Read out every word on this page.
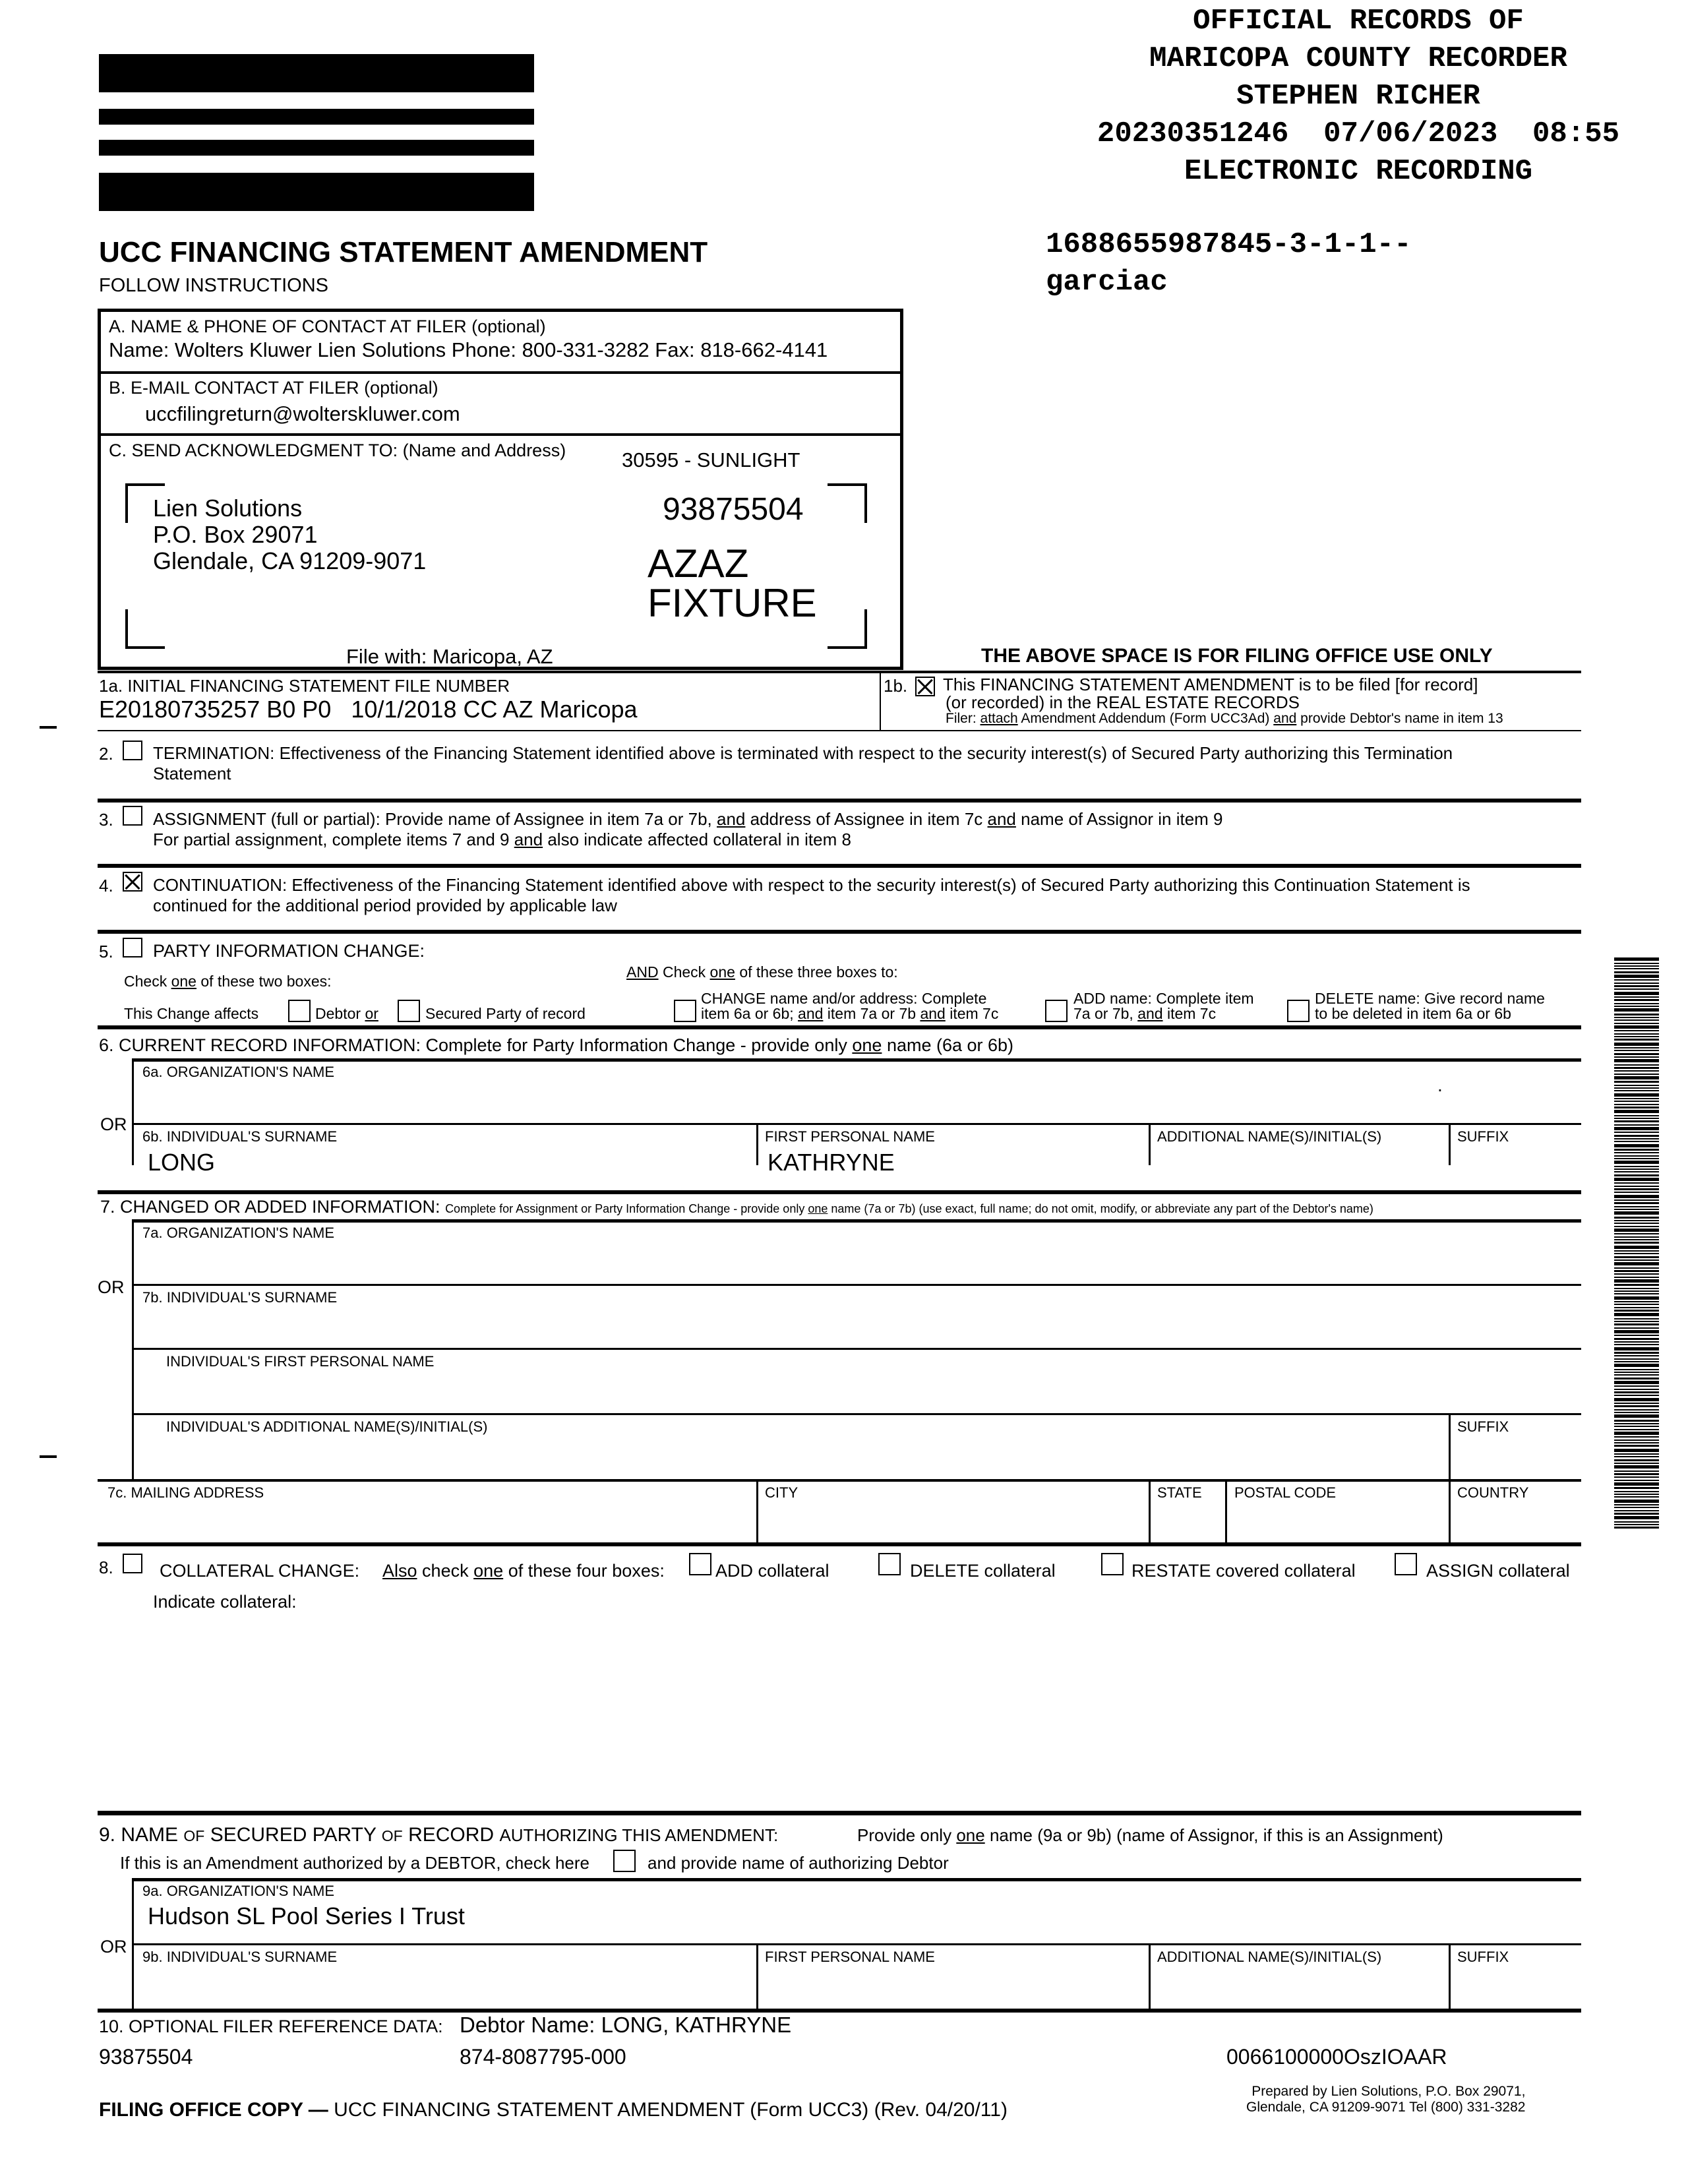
OFFICIAL RECORDS OF
MARICOPA COUNTY RECORDER
STEPHEN RICHER
20230351246  07/06/2023  08:55
ELECTRONIC RECORDING
1688655987845-3-1-1--
garciac
UCC FINANCING STATEMENT AMENDMENT
FOLLOW INSTRUCTIONS
A. NAME & PHONE OF CONTACT AT FILER (optional)
Name: Wolters Kluwer Lien Solutions Phone: 800-331-3282 Fax: 818-662-4141
B. E-MAIL CONTACT AT FILER (optional)
uccfilingreturn@wolterskluwer.com
C. SEND ACKNOWLEDGMENT TO: (Name and Address)	30595 - SUNLIGHT
Lien Solutions
P.O. Box 29071
Glendale, CA 91209-9071
93875504
AZAZ
FIXTURE
File with: Maricopa, AZ	THE ABOVE SPACE IS FOR FILING OFFICE USE ONLY
1a. INITIAL FINANCING STATEMENT FILE NUMBER
E20180735257 B0 P0   10/1/2018 CC AZ Maricopa
1b. This FINANCING STATEMENT AMENDMENT is to be filed [for record]
(or recorded) in the REAL ESTATE RECORDS
Filer: attach Amendment Addendum (Form UCC3Ad) and provide Debtor's name in item 13
2. TERMINATION: Effectiveness of the Financing Statement identified above is terminated with respect to the security interest(s) of Secured Party authorizing this Termination
Statement
3. ASSIGNMENT (full or partial): Provide name of Assignee in item 7a or 7b, and address of Assignee in item 7c and name of Assignor in item 9
For partial assignment, complete items 7 and 9 and also indicate affected collateral in item 8
4. CONTINUATION: Effectiveness of the Financing Statement identified above with respect to the security interest(s) of Secured Party authorizing this Continuation Statement is
continued for the additional period provided by applicable law
5. PARTY INFORMATION CHANGE:
Check one of these two boxes:
AND Check one of these three boxes to:
This Change affects	Debtor or	Secured Party of record
CHANGE name and/or address: Complete
item 6a or 6b; and item 7a or 7b and item 7c
ADD name: Complete item
7a or 7b, and item 7c
DELETE name: Give record name
to be deleted in item 6a or 6b
6. CURRENT RECORD INFORMATION: Complete for Party Information Change - provide only one name (6a or 6b)
6a. ORGANIZATION'S NAME
.
OR
6b. INDIVIDUAL'S SURNAME
LONG
FIRST PERSONAL NAME
KATHRYNE
ADDITIONAL NAME(S)/INITIAL(S)	SUFFIX
7. CHANGED OR ADDED INFORMATION: Complete for Assignment or Party Information Change - provide only one name (7a or 7b) (use exact, full name; do not omit, modify, or abbreviate any part of the Debtor's name)
7a. ORGANIZATION'S NAME
OR
7b. INDIVIDUAL'S SURNAME
INDIVIDUAL'S FIRST PERSONAL NAME
INDIVIDUAL'S ADDITIONAL NAME(S)/INITIAL(S)	SUFFIX
7c. MAILING ADDRESS	CITY	STATE POSTAL CODE	COUNTRY
8.	COLLATERAL CHANGE: Also check one of these four boxes:	ADD collateral	DELETE collateral	RESTATE covered collateral	ASSIGN collateral
Indicate collateral:
9. NAME OF SECURED PARTY OF RECORD AUTHORIZING THIS AMENDMENT:	Provide only one name (9a or 9b) (name of Assignor, if this is an Assignment)
If this is an Amendment authorized by a DEBTOR, check here	and provide name of authorizing Debtor
9a. ORGANIZATION'S NAME
Hudson SL Pool Series I Trust
OR
9b. INDIVIDUAL'S SURNAME	FIRST PERSONAL NAME	ADDITIONAL NAME(S)/INITIAL(S)	SUFFIX
10. OPTIONAL FILER REFERENCE DATA: Debtor Name: LONG, KATHRYNE
93875504	874-8087795-000	0066100000OszIOAAR
FILING OFFICE COPY — UCC FINANCING STATEMENT AMENDMENT (Form UCC3) (Rev. 04/20/11)
Prepared by Lien Solutions, P.O. Box 29071,
Glendale, CA 91209-9071 Tel (800) 331-3282
